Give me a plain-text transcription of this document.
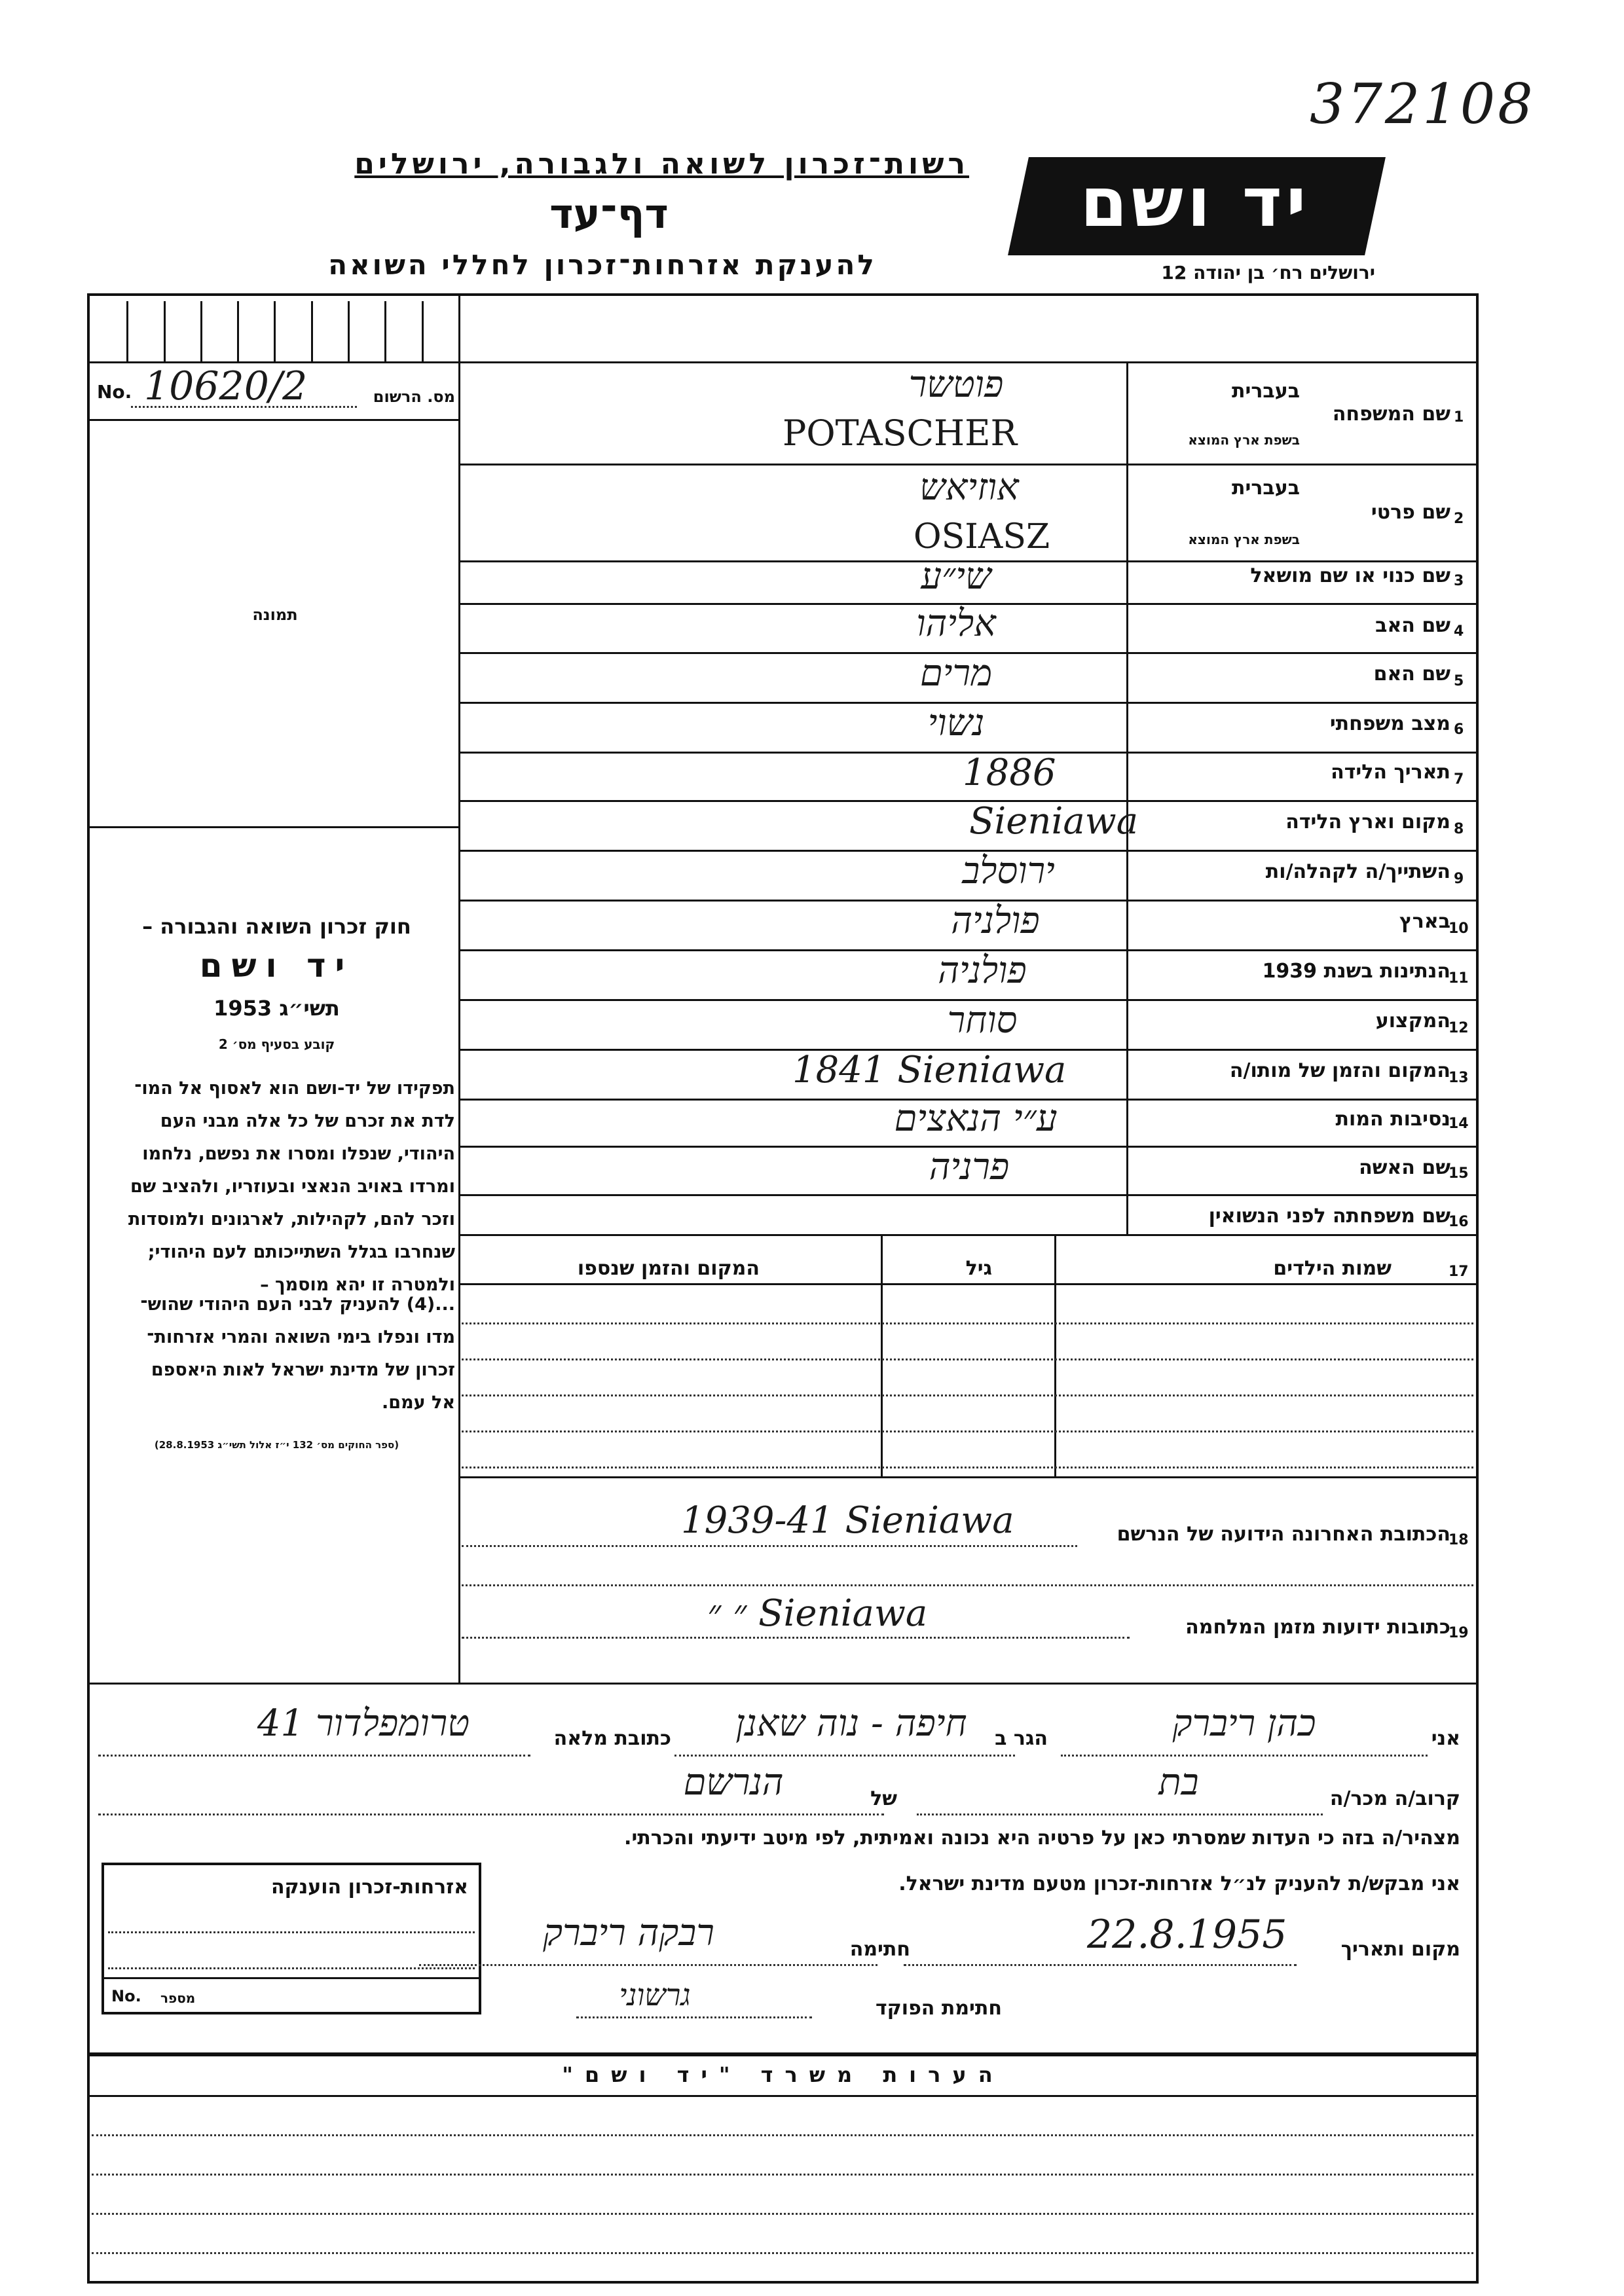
372108
רשות־זכרון לשואה ולגבורה, ירושלים
דף־עד
להענקת אזרחות־זכרון לחללי השואה
יד ושם
ירושלים רח׳ בן יהודה 12
No. 10620/2	מס. הרשום
תמונה
חוק זכרון השואה והגבורה –
יד ושם
תשי״ג 1953
קובע בסעיף מס׳ 2
תפקידו של יד-ושם הוא לאסוף אל המו־
לדת את זכרם של כל אלה מבני העם
היהודי, שנפלו ומסרו את נפשם, נלחמו
ומרדו באויב הנאצי ובעוזריו, ולהציב שם
וזכר להם, לקהילות, לארגונים ולמוסדות
שנחרבו בגלל השתייכותם לעם היהודי;
ולמטרה זו יהא מוסמך –
...(4) להעניק לבני העם היהודי שהוש־
מדו ונפלו בימי השואה והמרי אזרחות־
זכרון של מדינת ישראל לאות היאספם
אל עמם.
(ספר החוקים מס׳ 132 י״ז אלול תשי״ג 28.8.1953)
1
שם המשפחה
בעברית
בשפת ארץ המוצא
פוטשר
POTASCHER
2
שם פרטי
בעברית
בשפת ארץ המוצא
אוזיאש
OSIASZ
3
שם כנוי או שם מושאל
שי״ע
4
שם האב
אליהו
5
שם האם
מרים
6
מצב משפחתי
נשוי
7
תאריך הלידה
1886
8
מקום וארץ הלידה
Sieniawa
9
השתייך/ה לקהלה/ות
ירוסלב
10
בארץ
פולניה
11
הנתינות בשנת 1939
פולניה
12
המקצוע
סוחר
13
המקום והזמן של מותו/ה
1841 Sieniawa
14
נסיבות המות
ע״י הנאצים
15
שם האשה
פרניה
16
שם משפחתה לפני הנשואין
17
שמות הילדים
גיל
המקום והזמן שנספו
18
הכתובת האחרונה הידועה של הנרשם
1939-41 Sieniawa
19
כתובות ידועות מזמן המלחמה
״ ״ Sieniawa
אני
כהן ריברק
הגר ב
חיפה - נוה שאנן
כתובת מלאה
טרומפלדור 41
קרוב/ה מכר/ה
בת
של
הנרשם
מצהיר/ה בזה כי העדות שמסרתי כאן על פרטיה היא נכונה ואמיתית, לפי מיטב ידיעתי והכרתי.
אני מבקש/ת להעניק לנ״ל אזרחות-זכרון מטעם מדינת ישראל.
אזרחות-זכרון הוענקה
No. מספר
מקום ותאריך
22.8.1955
חתימה
רבקה ריברק
חתימת הפוקד
גרשוני
הערות משרד "יד ושם"
